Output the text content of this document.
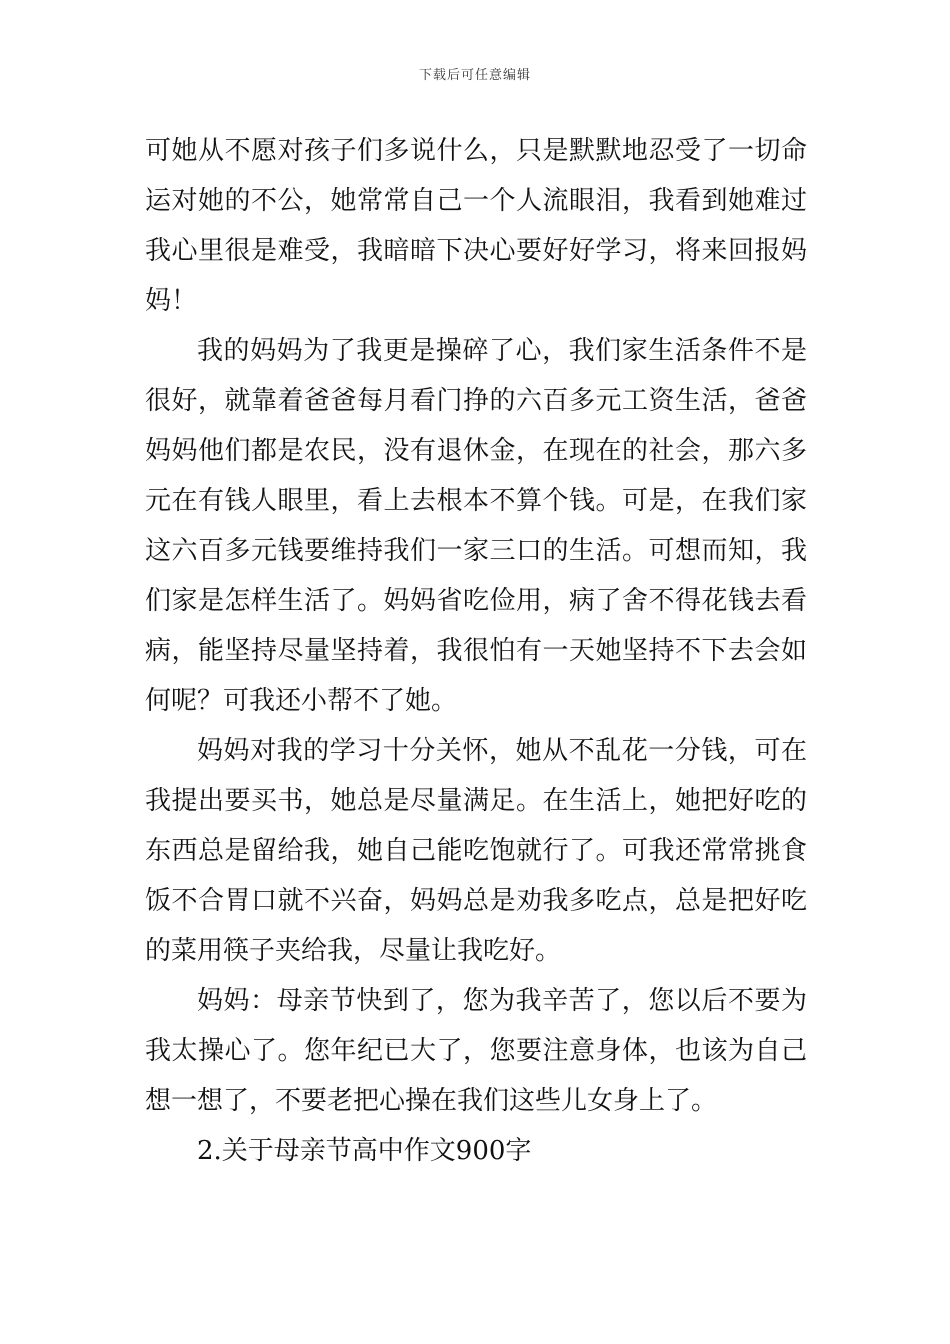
下载后可任意编辑

可她从不愿对孩子们多说什么，只是默默地忍受了一切命运对她的不公，她常常自己一个人流眼泪，我看到她难过我心里很是难受，我暗暗下决心要好好学习，将来回报妈妈！

我的妈妈为了我更是操碎了心，我们家生活条件不是很好，就靠着爸爸每月看门挣的六百多元工资生活，爸爸妈妈他们都是农民，没有退休金，在现在的社会，那六多元在有钱人眼里，看上去根本不算个钱。可是，在我们家这六百多元钱要维持我们一家三口的生活。可想而知，我们家是怎样生活了。妈妈省吃俭用，病了舍不得花钱去看病，能坚持尽量坚持着，我很怕有一天她坚持不下去会如何呢？可我还小帮不了她。

妈妈对我的学习十分关怀，她从不乱花一分钱，可在我提出要买书，她总是尽量满足。在生活上，她把好吃的东西总是留给我，她自己能吃饱就行了。可我还常常挑食饭不合胃口就不兴奋，妈妈总是劝我多吃点，总是把好吃的菜用筷子夹给我，尽量让我吃好。

妈妈：母亲节快到了，您为我辛苦了，您以后不要为我太操心了。您年纪已大了，您要注意身体，也该为自己想一想了，不要老把心操在我们这些儿女身上了。

2.关于母亲节高中作文900字
